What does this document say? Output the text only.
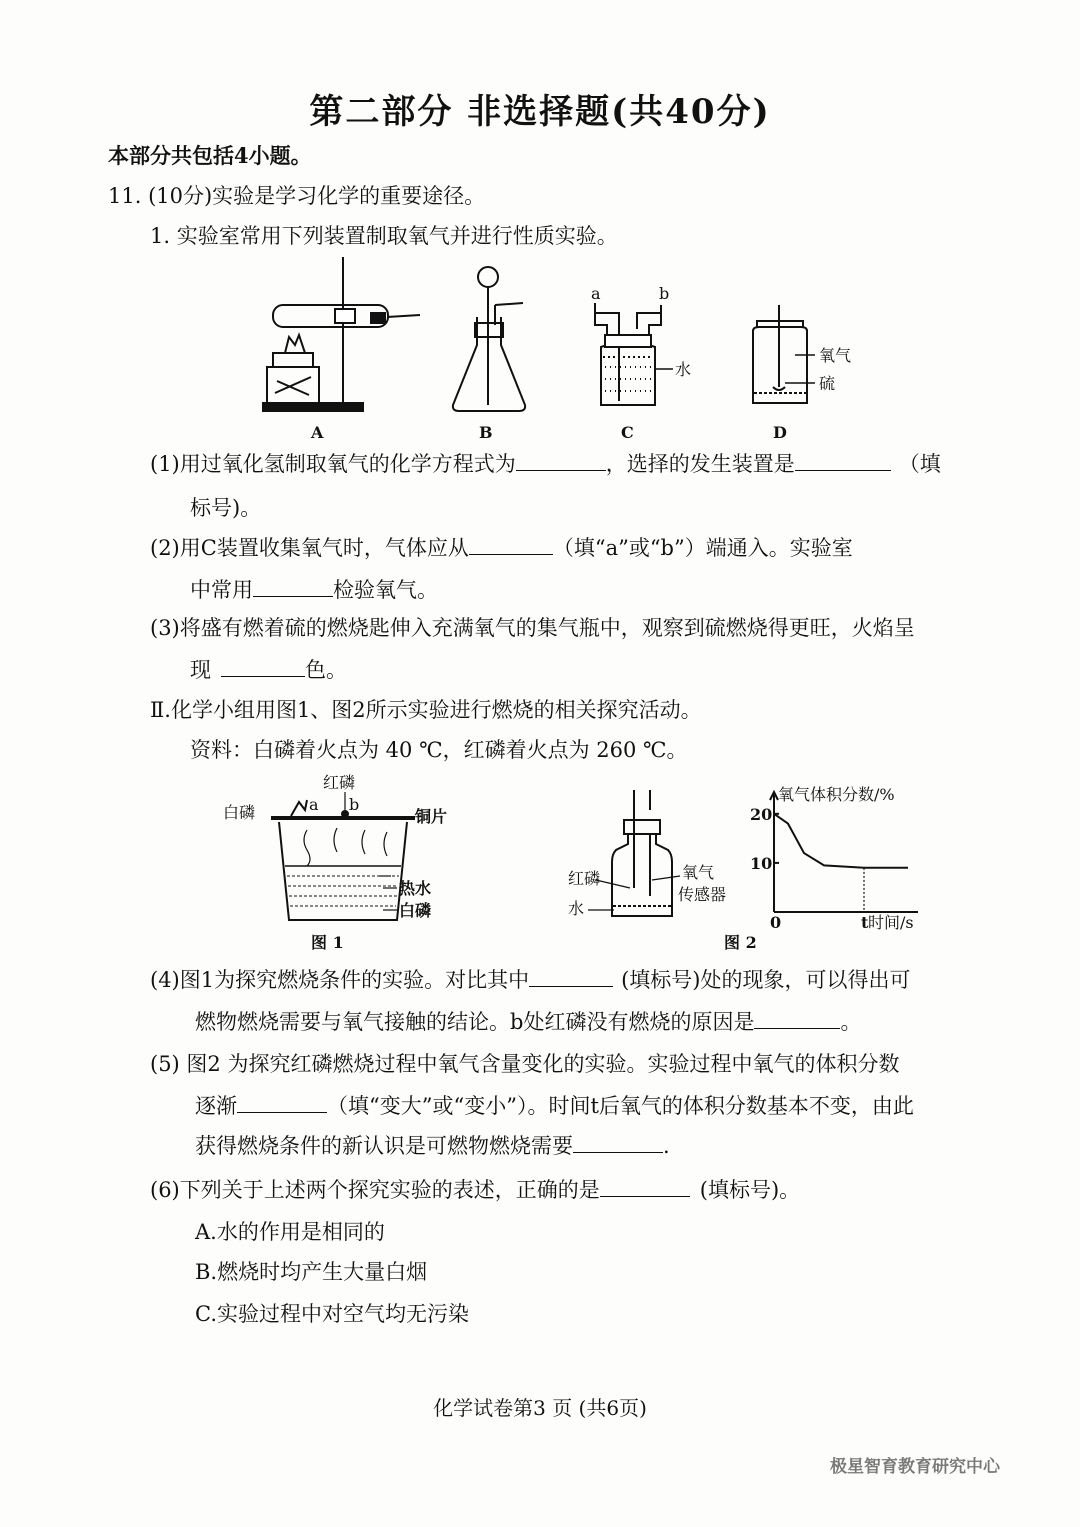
第二部分 非选择题(共40分)
本部分共包括4小题。
11. (10分)实验是学习化学的重要途径。
1. 实验室常用下列装置制取氧气并进行性质实验。
A	B
a	b
水
C
氧气
硫
D
(1)用过氧化氢制取氧气的化学方程式为	，选择的发生装置是	（填
标号)。
(2)用C装置收集氧气时，气体应从	（填“a”或“b”）端通入。实验室
中常用	检验氧气。
(3)将盛有燃着硫的燃烧匙伸入充满氧气的集气瓶中，观察到硫燃烧得更旺，火焰呈
现	色。
Ⅱ.化学小组用图1、图2所示实验进行燃烧的相关探究活动。
资料：白磷着火点为 40 ℃，红磷着火点为 260 ℃。
红磷
白磷	a b
铜片
热水
白磷
图 1
红磷	氧气
传感器
水
图 2
氧气体积分数/%
时间/s
20
10
0	t
(4)图1为探究燃烧条件的实验。对比其中	(填标号)处的现象，可以得出可
燃物燃烧需要与氧气接触的结论。b处红磷没有燃烧的原因是	。
(5) 图2 为探究红磷燃烧过程中氧气含量变化的实验。实验过程中氧气的体积分数
逐渐	（填“变大”或“变小”）。时间t后氧气的体积分数基本不变，由此
获得燃烧条件的新认识是可燃物燃烧需要	.
(6)下列关于上述两个探究实验的表述，正确的是	(填标号)。
A.水的作用是相同的
B.燃烧时均产生大量白烟
C.实验过程中对空气均无污染
化学试卷第3 页 (共6页)
极星智育教育研究中心
